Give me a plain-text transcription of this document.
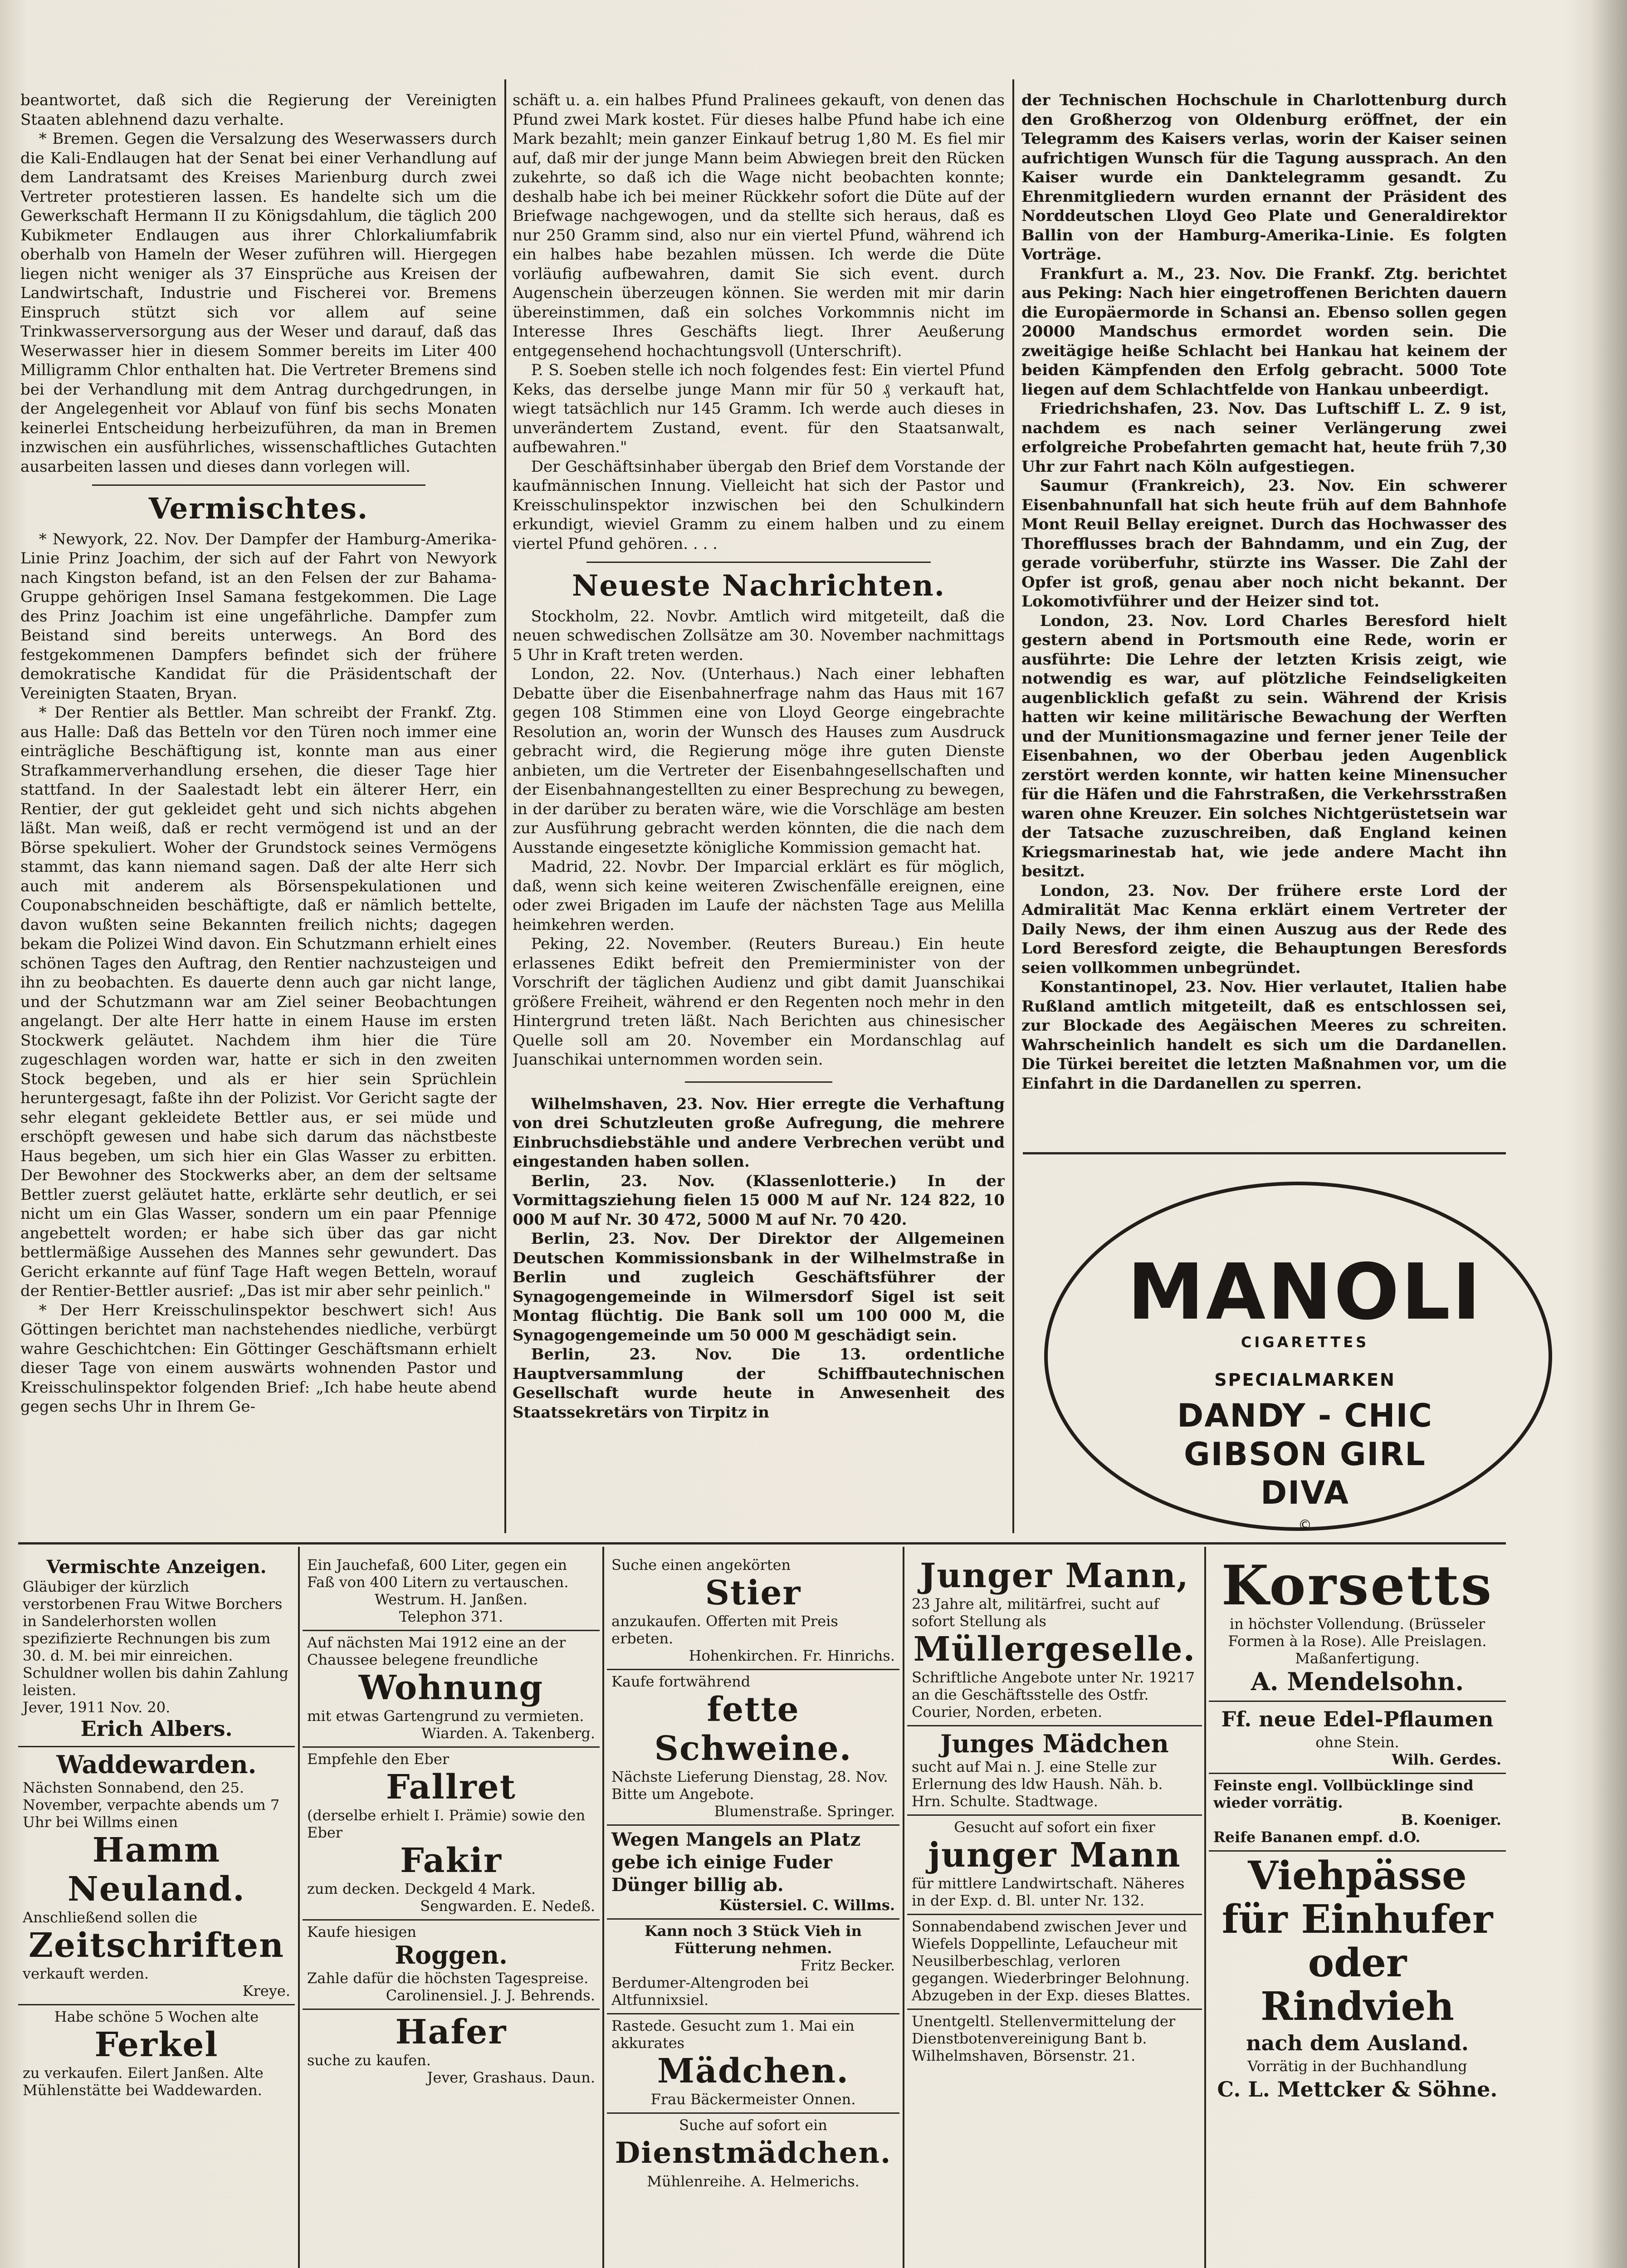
beantwortet, daß sich die Regierung der Vereinigten Staaten ablehnend dazu verhalte.

* Bremen. Gegen die Versalzung des Weserwassers durch die Kali-Endlaugen hat der Senat bei einer Verhandlung auf dem Landratsamt des Kreises Marienburg durch zwei Vertreter protestieren lassen. Es handelte sich um die Gewerkschaft Hermann II zu Königsdahlum, die täglich 200 Kubikmeter Endlaugen aus ihrer Chlorkaliumfabrik oberhalb von Hameln der Weser zuführen will. Hiergegen liegen nicht weniger als 37 Einsprüche aus Kreisen der Landwirtschaft, Industrie und Fischerei vor. Bremens Einspruch stützt sich vor allem auf seine Trinkwasserversorgung aus der Weser und darauf, daß das Weserwasser hier in diesem Sommer bereits im Liter 400 Milligramm Chlor enthalten hat. Die Vertreter Bremens sind bei der Verhandlung mit dem Antrag durchgedrungen, in der Angelegenheit vor Ablauf von fünf bis sechs Monaten keinerlei Entscheidung herbeizuführen, da man in Bremen inzwischen ein ausführliches, wissenschaftliches Gutachten ausarbeiten lassen und dieses dann vorlegen will.

Vermischtes.

* Newyork, 22. Nov. Der Dampfer der Hamburg-Amerika-Linie Prinz Joachim, der sich auf der Fahrt von Newyork nach Kingston befand, ist an den Felsen der zur Bahama-Gruppe gehörigen Insel Samana festgekommen. Die Lage des Prinz Joachim ist eine ungefährliche. Dampfer zum Beistand sind bereits unterwegs. An Bord des festgekommenen Dampfers befindet sich der frühere demokratische Kandidat für die Präsidentschaft der Vereinigten Staaten, Bryan.

* Der Rentier als Bettler. Man schreibt der Frankf. Ztg. aus Halle: Daß das Betteln vor den Türen noch immer eine einträgliche Beschäftigung ist, konnte man aus einer Strafkammerverhandlung ersehen, die dieser Tage hier stattfand. In der Saalestadt lebt ein älterer Herr, ein Rentier, der gut gekleidet geht und sich nichts abgehen läßt. Man weiß, daß er recht vermögend ist und an der Börse spekuliert. Woher der Grundstock seines Vermögens stammt, das kann niemand sagen. Daß der alte Herr sich auch mit anderem als Börsenspekulationen und Couponabschneiden beschäftigte, daß er nämlich bettelte, davon wußten seine Bekannten freilich nichts; dagegen bekam die Polizei Wind davon. Ein Schutzmann erhielt eines schönen Tages den Auftrag, den Rentier nachzusteigen und ihn zu beobachten. Es dauerte denn auch gar nicht lange, und der Schutzmann war am Ziel seiner Beobachtungen angelangt. Der alte Herr hatte in einem Hause im ersten Stockwerk geläutet. Nachdem ihm hier die Türe zugeschlagen worden war, hatte er sich in den zweiten Stock begeben, und als er hier sein Sprüchlein heruntergesagt, faßte ihn der Polizist. Vor Gericht sagte der sehr elegant gekleidete Bettler aus, er sei müde und erschöpft gewesen und habe sich darum das nächstbeste Haus begeben, um sich hier ein Glas Wasser zu erbitten. Der Bewohner des Stockwerks aber, an dem der seltsame Bettler zuerst geläutet hatte, erklärte sehr deutlich, er sei nicht um ein Glas Wasser, sondern um ein paar Pfennige angebettelt worden; er habe sich über das gar nicht bettlermäßige Aussehen des Mannes sehr gewundert. Das Gericht erkannte auf fünf Tage Haft wegen Betteln, worauf der Rentier-Bettler ausrief: „Das ist mir aber sehr peinlich."

* Der Herr Kreisschulinspektor beschwert sich! Aus Göttingen berichtet man nachstehendes niedliche, verbürgt wahre Geschichtchen: Ein Göttinger Geschäftsmann erhielt dieser Tage von einem auswärts wohnenden Pastor und Kreisschulinspektor folgenden Brief: „Ich habe heute abend gegen sechs Uhr in Ihrem Ge-

schäft u. a. ein halbes Pfund Pralinees gekauft, von denen das Pfund zwei Mark kostet. Für dieses halbe Pfund habe ich eine Mark bezahlt; mein ganzer Einkauf betrug 1,80 M. Es fiel mir auf, daß mir der junge Mann beim Abwiegen breit den Rücken zukehrte, so daß ich die Wage nicht beobachten konnte; deshalb habe ich bei meiner Rückkehr sofort die Düte auf der Briefwage nachgewogen, und da stellte sich heraus, daß es nur 250 Gramm sind, also nur ein viertel Pfund, während ich ein halbes habe bezahlen müssen. Ich werde die Düte vorläufig aufbewahren, damit Sie sich event. durch Augenschein überzeugen können. Sie werden mit mir darin übereinstimmen, daß ein solches Vorkommnis nicht im Interesse Ihres Geschäfts liegt. Ihrer Aeußerung entgegensehend hochachtungsvoll (Unterschrift).

P. S. Soeben stelle ich noch folgendes fest: Ein viertel Pfund Keks, das derselbe junge Mann mir für 50 ₰ verkauft hat, wiegt tatsächlich nur 145 Gramm. Ich werde auch dieses in unverändertem Zustand, event. für den Staatsanwalt, aufbewahren."

Der Geschäftsinhaber übergab den Brief dem Vorstande der kaufmännischen Innung. Vielleicht hat sich der Pastor und Kreisschulinspektor inzwischen bei den Schulkindern erkundigt, wieviel Gramm zu einem halben und zu einem viertel Pfund gehören. . . .

Neueste Nachrichten.

Stockholm, 22. Novbr. Amtlich wird mitgeteilt, daß die neuen schwedischen Zollsätze am 30. November nachmittags 5 Uhr in Kraft treten werden.

London, 22. Nov. (Unterhaus.) Nach einer lebhaften Debatte über die Eisenbahnerfrage nahm das Haus mit 167 gegen 108 Stimmen eine von Lloyd George eingebrachte Resolution an, worin der Wunsch des Hauses zum Ausdruck gebracht wird, die Regierung möge ihre guten Dienste anbieten, um die Vertreter der Eisenbahngesellschaften und der Eisenbahnangestellten zu einer Besprechung zu bewegen, in der darüber zu beraten wäre, wie die Vorschläge am besten zur Ausführung gebracht werden könnten, die die nach dem Ausstande eingesetzte königliche Kommission gemacht hat.

Madrid, 22. Novbr. Der Imparcial erklärt es für möglich, daß, wenn sich keine weiteren Zwischenfälle ereignen, eine oder zwei Brigaden im Laufe der nächsten Tage aus Melilla heimkehren werden.

Peking, 22. November. (Reuters Bureau.) Ein heute erlassenes Edikt befreit den Premierminister von der Vorschrift der täglichen Audienz und gibt damit Juanschikai größere Freiheit, während er den Regenten noch mehr in den Hintergrund treten läßt. Nach Berichten aus chinesischer Quelle soll am 20. November ein Mordanschlag auf Juanschikai unternommen worden sein.

Wilhelmshaven, 23. Nov. Hier erregte die Verhaftung von drei Schutzleuten große Aufregung, die mehrere Einbruchsdiebstähle und andere Verbrechen verübt und eingestanden haben sollen.

Berlin, 23. Nov. (Klassenlotterie.) In der Vormittagsziehung fielen 15 000 M auf Nr. 124 822, 10 000 M auf Nr. 30 472, 5000 M auf Nr. 70 420.

Berlin, 23. Nov. Der Direktor der Allgemeinen Deutschen Kommissionsbank in der Wilhelmstraße in Berlin und zugleich Geschäftsführer der Synagogengemeinde in Wilmersdorf Sigel ist seit Montag flüchtig. Die Bank soll um 100 000 M, die Synagogengemeinde um 50 000 M geschädigt sein.

Berlin, 23. Nov. Die 13. ordentliche Hauptversammlung der Schiffbautechnischen Gesellschaft wurde heute in Anwesenheit des Staatssekretärs von Tirpitz in

der Technischen Hochschule in Charlottenburg durch den Großherzog von Oldenburg eröffnet, der ein Telegramm des Kaisers verlas, worin der Kaiser seinen aufrichtigen Wunsch für die Tagung aussprach. An den Kaiser wurde ein Danktelegramm gesandt. Zu Ehrenmitgliedern wurden ernannt der Präsident des Norddeutschen Lloyd Geo Plate und Generaldirektor Ballin von der Hamburg-Amerika-Linie. Es folgten Vorträge.

Frankfurt a. M., 23. Nov. Die Frankf. Ztg. berichtet aus Peking: Nach hier eingetroffenen Berichten dauern die Europäermorde in Schansi an. Ebenso sollen gegen 20000 Mandschus ermordet worden sein. Die zweitägige heiße Schlacht bei Hankau hat keinem der beiden Kämpfenden den Erfolg gebracht. 5000 Tote liegen auf dem Schlachtfelde von Hankau unbeerdigt.

Friedrichshafen, 23. Nov. Das Luftschiff L. Z. 9 ist, nachdem es nach seiner Verlängerung zwei erfolgreiche Probefahrten gemacht hat, heute früh 7,30 Uhr zur Fahrt nach Köln aufgestiegen.

Saumur (Frankreich), 23. Nov. Ein schwerer Eisenbahnunfall hat sich heute früh auf dem Bahnhofe Mont Reuil Bellay ereignet. Durch das Hochwasser des Thorefflusses brach der Bahndamm, und ein Zug, der gerade vorüberfuhr, stürzte ins Wasser. Die Zahl der Opfer ist groß, genau aber noch nicht bekannt. Der Lokomotivführer und der Heizer sind tot.

London, 23. Nov. Lord Charles Beresford hielt gestern abend in Portsmouth eine Rede, worin er ausführte: Die Lehre der letzten Krisis zeigt, wie notwendig es war, auf plötzliche Feindseligkeiten augenblicklich gefaßt zu sein. Während der Krisis hatten wir keine militärische Bewachung der Werften und der Munitionsmagazine und ferner jener Teile der Eisenbahnen, wo der Oberbau jeden Augenblick zerstört werden konnte, wir hatten keine Minensucher für die Häfen und die Fahrstraßen, die Verkehrsstraßen waren ohne Kreuzer. Ein solches Nichtgerüstetsein war der Tatsache zuzuschreiben, daß England keinen Kriegsmarinestab hat, wie jede andere Macht ihn besitzt.

London, 23. Nov. Der frühere erste Lord der Admiralität Mac Kenna erklärt einem Vertreter der Daily News, der ihm einen Auszug aus der Rede des Lord Beresford zeigte, die Behauptungen Beresfords seien vollkommen unbegründet.

Konstantinopel, 23. Nov. Hier verlautet, Italien habe Rußland amtlich mitgeteilt, daß es entschlossen sei, zur Blockade des Aegäischen Meeres zu schreiten. Wahrscheinlich handelt es sich um die Dardanellen. Die Türkei bereitet die letzten Maßnahmen vor, um die Einfahrt in die Dardanellen zu sperren.

MANOLI
CIGARETTES
SPECIALMARKEN
DANDY - CHIC
GIBSON GIRL
DIVA
©
Vermischte Anzeigen.
Gläubiger der kürzlich verstorbenen Frau Witwe Borchers in Sandelerhorsten wollen spezifizierte Rechnungen bis zum 30. d. M. bei mir einreichen. Schuldner wollen bis dahin Zahlung leisten.
Jever, 1911 Nov. 20.
Erich Albers.
Waddewarden.
Nächsten Sonnabend, den 25. November, verpachte abends um 7 Uhr bei Willms einen
Hamm Neuland.
Anschließend sollen die
Zeitschriften
verkauft werden.
Kreye.
Habe schöne 5 Wochen alte
Ferkel
zu verkaufen. Eilert Janßen. Alte Mühlenstätte bei Waddewarden.
Ein Jauchefaß, 600 Liter, gegen ein Faß von 400 Litern zu vertauschen.
Westrum. H. Janßen.
Telephon 371.
Auf nächsten Mai 1912 eine an der Chaussee belegene freundliche
Wohnung
mit etwas Gartengrund zu vermieten.
Wiarden. A. Takenberg.
Empfehle den Eber
Fallret
(derselbe erhielt I. Prämie) sowie den Eber
Fakir
zum decken. Deckgeld 4 Mark.
Sengwarden. E. Nedeß.
Kaufe hiesigen
Roggen.
Zahle dafür die höchsten Tagespreise.
Carolinensiel. J. J. Behrends.
Hafer
suche zu kaufen.
Jever, Grashaus. Daun.
Suche einen angekörten
Stier
anzukaufen. Offerten mit Preis erbeten.
Hohenkirchen. Fr. Hinrichs.
Kaufe fortwährend
fette Schweine.
Nächste Lieferung Dienstag, 28. Nov. Bitte um Angebote.
Blumenstraße. Springer.
Wegen Mangels an Platz gebe ich einige Fuder Dünger billig ab.
Küstersiel. C. Willms.
Kann noch 3 Stück Vieh in Fütterung nehmen.
Fritz Becker.
Berdumer-Altengroden bei Altfunnixsiel.
Rastede. Gesucht zum 1. Mai ein akkurates
Mädchen.
Frau Bäckermeister Onnen.
Suche auf sofort ein
Dienstmädchen.
Mühlenreihe. A. Helmerichs.
Junger Mann,
23 Jahre alt, militärfrei, sucht auf sofort Stellung als
Müllergeselle.
Schriftliche Angebote unter Nr. 19217 an die Geschäftsstelle des Ostfr. Courier, Norden, erbeten.
Junges Mädchen
sucht auf Mai n. J. eine Stelle zur Erlernung des ldw Haush. Näh. b. Hrn. Schulte. Stadtwage.
Gesucht auf sofort ein fixer
junger Mann
für mittlere Landwirtschaft. Näheres in der Exp. d. Bl. unter Nr. 132.
Sonnabendabend zwischen Jever und Wiefels Doppellinte, Lefaucheur mit Neusilberbeschlag, verloren gegangen. Wiederbringer Belohnung. Abzugeben in der Exp. dieses Blattes.
Unentgeltl. Stellenvermittelung der Dienstbotenvereinigung Bant b. Wilhelmshaven, Börsenstr. 21.
Korsetts
in höchster Vollendung. (Brüsseler Formen à la Rose). Alle Preislagen. Maßanfertigung.
A. Mendelsohn.
Ff. neue Edel-Pflaumen
ohne Stein.
Wilh. Gerdes.
Feinste engl. Vollbücklinge sind wieder vorrätig.
B. Koeniger.
Reife Bananen empf. d.O.
Viehpässe
für Einhufer
oder Rindvieh
nach dem Ausland.
Vorrätig in der Buchhandlung
C. L. Mettcker & Söhne.
